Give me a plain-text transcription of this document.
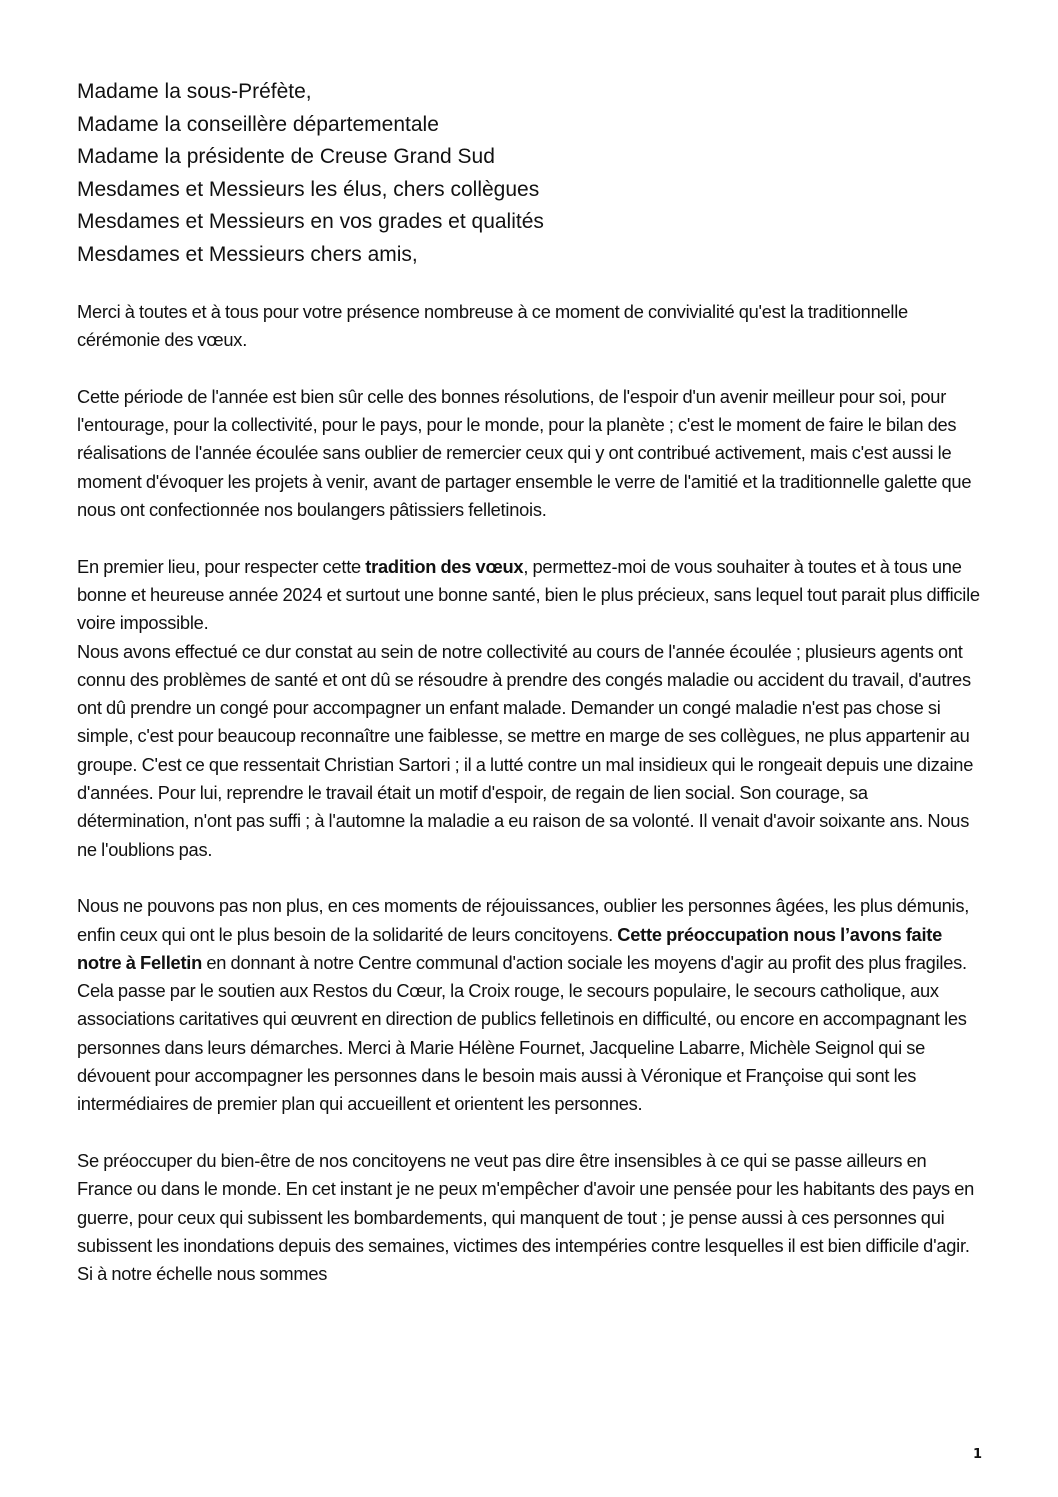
Madame la sous-Préfète,
Madame la conseillère départementale
Madame la présidente de Creuse Grand Sud
Mesdames et Messieurs les élus, chers collègues
Mesdames et Messieurs en vos grades et qualités
Mesdames et Messieurs chers amis,

Merci à toutes et à tous pour votre présence nombreuse à ce moment de convivialité qu'est la traditionnelle cérémonie des vœux.

Cette période de l'année est bien sûr celle des bonnes résolutions, de l'espoir d'un avenir meilleur pour soi, pour l'entourage, pour la collectivité, pour le pays, pour le monde, pour la planète ; c'est le moment de faire le bilan des réalisations de l'année écoulée sans oublier de remercier ceux qui y ont contribué activement, mais c'est aussi le moment d'évoquer les projets à venir, avant de partager ensemble le verre de l'amitié et la traditionnelle galette que nous ont confectionnée nos boulangers pâtissiers felletinois.

En premier lieu, pour respecter cette tradition des vœux, permettez-moi de vous souhaiter à toutes et à tous une bonne et heureuse année 2024 et surtout une bonne santé, bien le plus précieux, sans lequel tout parait plus difficile voire impossible.

Nous avons effectué ce dur constat au sein de notre collectivité au cours de l'année écoulée ; plusieurs agents ont connu des problèmes de santé et ont dû se résoudre à prendre des congés maladie ou accident du travail, d'autres ont dû prendre un congé pour accompagner un enfant malade. Demander un congé maladie n'est pas chose si simple, c'est pour beaucoup reconnaître une faiblesse, se mettre en marge de ses collègues, ne plus appartenir au groupe. C'est ce que ressentait Christian Sartori ; il a lutté contre un mal insidieux qui le rongeait depuis une dizaine d'années. Pour lui, reprendre le travail était un motif d'espoir, de regain de lien social. Son courage, sa détermination, n'ont pas suffi ; à l'automne la maladie a eu raison de sa volonté. Il venait d'avoir soixante ans. Nous ne l'oublions pas.

Nous ne pouvons pas non plus, en ces moments de réjouissances, oublier les personnes âgées, les plus démunis, enfin ceux qui ont le plus besoin de la solidarité de leurs concitoyens. Cette préoccupation nous l’avons faite notre à Felletin en donnant à notre Centre communal d'action sociale les moyens d'agir au profit des plus fragiles. Cela passe par le soutien aux Restos du Cœur, la Croix rouge, le secours populaire, le secours catholique, aux associations caritatives qui œuvrent en direction de publics felletinois en difficulté, ou encore en accompagnant les personnes dans leurs démarches. Merci à Marie Hélène Fournet, Jacqueline Labarre, Michèle Seignol qui se dévouent pour accompagner les personnes dans le besoin mais aussi à Véronique et Françoise qui sont les intermédiaires de premier plan qui accueillent et orientent les personnes.

Se préoccuper du bien-être de nos concitoyens ne veut pas dire être insensibles à ce qui se passe ailleurs en France ou dans le monde. En cet instant je ne peux m'empêcher d'avoir une pensée pour les habitants des pays en guerre, pour ceux qui subissent les bombardements, qui manquent de tout ; je pense aussi à ces personnes qui subissent les inondations depuis des semaines, victimes des intempéries contre lesquelles il est bien difficile d'agir. Si à notre échelle nous sommes

1
